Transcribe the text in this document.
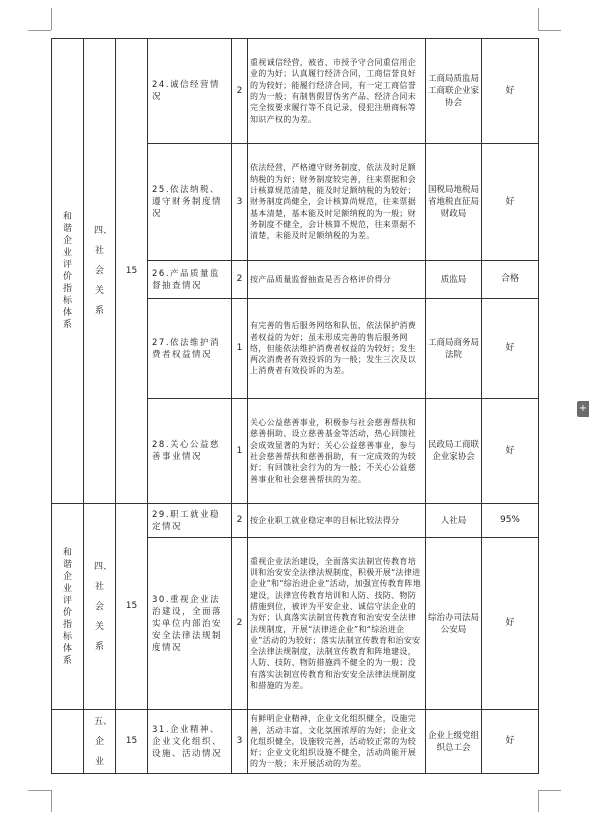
+
和谐企业评价指标体系	四、社会关系	15	24.诚信经营情况	2	重视诚信经营，被省、市授予守合同重信用企业的为好；认真履行经济合同，工商信誉良好的为较好；能履行经济合同，有一定工商信誉的为一般；有制售假冒伪劣产品、经济合同未完全按要求履行等不良记录，侵犯注册商标等知识产权的为差。	工商局质监局工商联企业家协会	好
			25.依法纳税、遵守财务制度情况	3	依法经营，严格遵守财务制度，依法及时足额纳税的为好；财务制度较完善，往来票据和会计核算规范清楚，能及时足额纳税的为较好；财务制度尚健全，会计核算尚规范，往来票据基本清楚，基本能及时足额纳税的为一般；财务制度不健全，会计核算不规范，往来票据不清楚，未能及时足额纳税的为差。	国税局地税局省地税直征局财政局	好
			26.产品质量监督抽查情况	2	按产品质量监督抽查是否合格评价得分	质监局	合格
			27.依法维护消费者权益情况	1	有完善的售后服务网络和队伍，依法保护消费者权益的为好；虽未形成完善的售后服务网络，但能依法维护消费者权益的为较好；发生两次消费者有效投诉的为一般；发生三次及以上消费者有效投诉的为差。	工商局商务局法院	好
			28.关心公益慈善事业情况	1	关心公益慈善事业，积极参与社会慈善帮扶和慈善捐助、设立慈善基金等活动，热心回馈社会成效显著的为好；关心公益慈善事业，参与社会慈善帮扶和慈善捐助，有一定成效的为较好；有回馈社会行为的为一般；不关心公益慈善事业和社会慈善帮扶的为差。	民政局工商联企业家协会	好
和谐企业评价指标体系	四、社会关系	15	29.职工就业稳定情况	2	按企业职工就业稳定率的目标比较法得分	人社局	95%
			30.重视企业法治建设，全面落实单位内部治安安全法律法规制度情况	2	重视企业法治建设，全面落实法制宣传教育培训和治安安全法律法规制度，积极开展“法律进企业”和“综治进企业”活动，加强宣传教育阵地建设，法律宣传教育培训和人防、技防、物防措施到位，被评为平安企业、诚信守法企业的为好；认真落实法制宣传教育和治安安全法律法规制度，开展“法律进企业”和“综治进企业”活动的为较好；落实法制宣传教育和治安安全法律法规制度，法制宣传教育和阵地建设，人防、技防、物防措施尚不健全的为一般；没有落实法制宣传教育和治安安全法律法规制度和措施的为差。	综治办司法局公安局	好
	五、企业	15	31.企业精神、企业文化组织、设施、活动情况	3	有鲜明企业精神，企业文化组织健全，设施完善，活动丰富，文化氛围浓厚的为好；企业文化组织健全，设施较完善，活动较正常的为较好；企业文化组织设施不健全，活动尚能开展的为一般；未开展活动的为差。	企业上级党组织总工会	好
